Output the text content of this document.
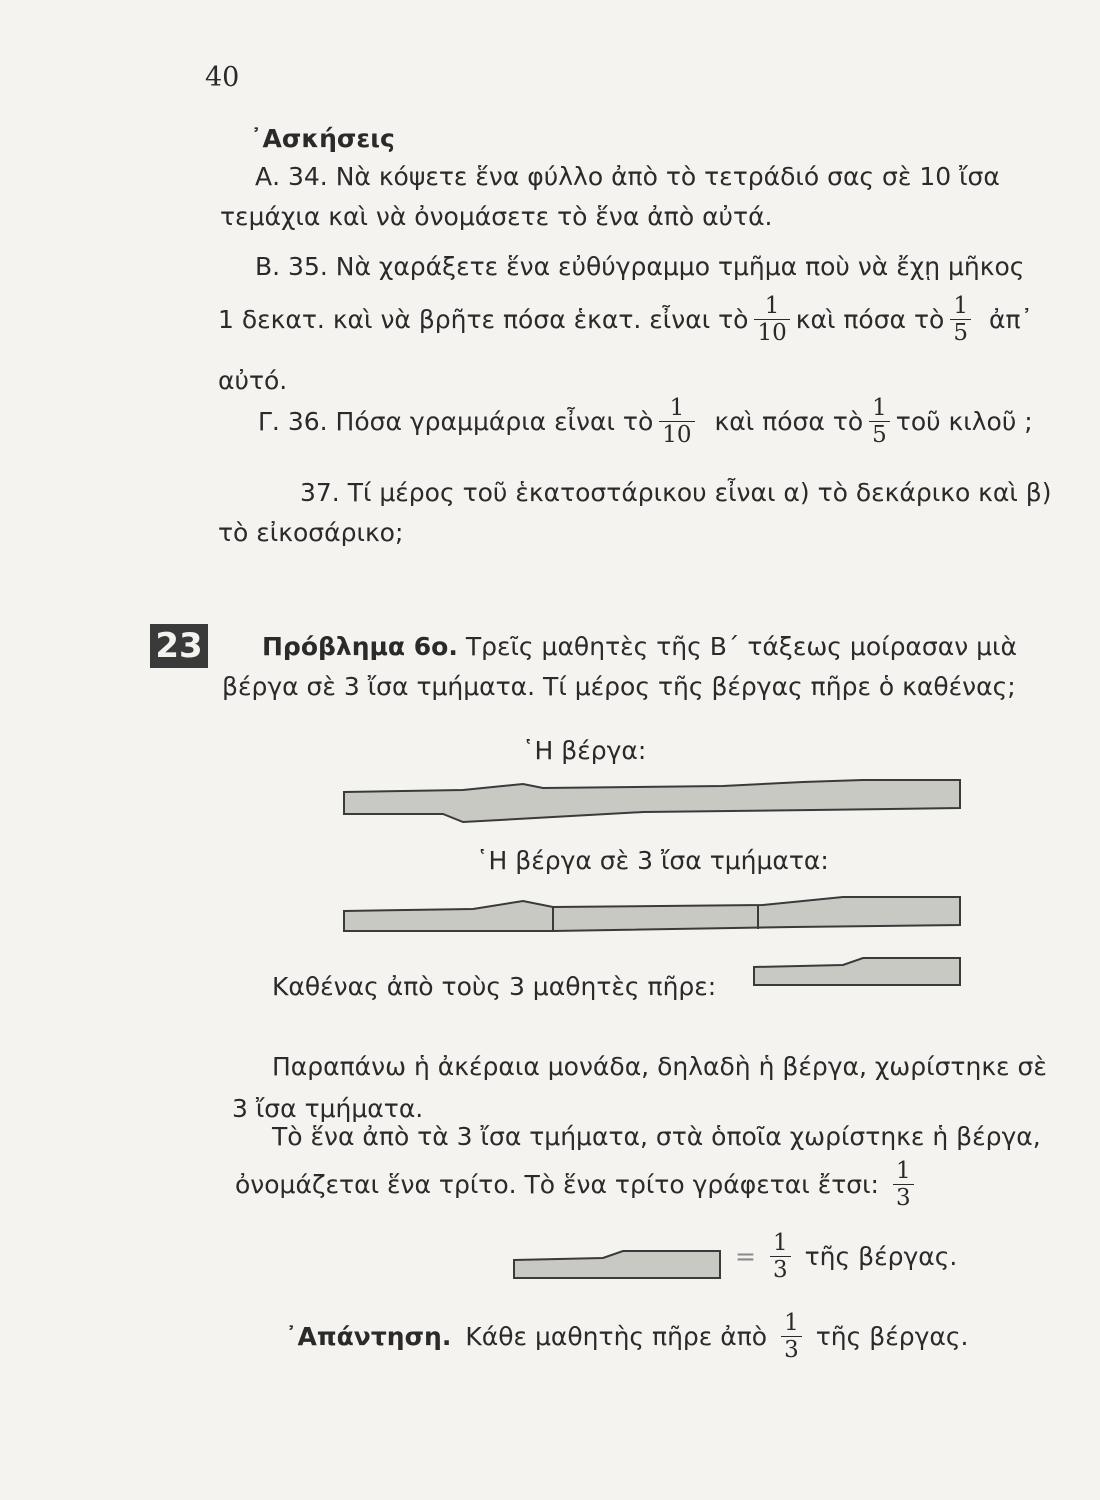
40
᾿Ασκήσεις
Α. 34. Νὰ κόψετε ἕνα φύλλο ἀπὸ τὸ τετράδιό σας σὲ 10 ἴσα
τεμάχια καὶ νὰ ὀνομάσετε τὸ ἕνα ἀπὸ αὐτά.
Β. 35. Νὰ χαράξετε ἕνα εὐθύγραμμο τμῆμα ποὺ νὰ ἔχῃ μῆκος
1 δεκατ. καὶ νὰ βρῆτε πόσα ἑκατ. εἶναι τὸ $\frac{1}{10}$ καὶ πόσα τὸ $\frac{1}{5}$ ἀπ᾿
αὐτό.
Γ. 36. Πόσα γραμμάρια εἶναι τὸ $\frac{1}{10}$ καὶ πόσα τὸ $\frac{1}{5}$ τοῦ κιλοῦ ;
37. Τί μέρος τοῦ ἑκατοστάρικου εἶναι α) τὸ δεκάρικο καὶ β)
τὸ εἰκοσάρικο;
23 Πρόβλημα 6ο. Τρεῖς μαθητὲς τῆς Β΄ τάξεως μοίρασαν μιὰ
βέργα σὲ 3 ἴσα τμήματα. Τί μέρος τῆς βέργας πῆρε ὁ καθένας;
῾Η βέργα:
῾Η βέργα σὲ 3 ἴσα τμήματα:
Καθένας ἀπὸ τοὺς 3 μαθητὲς πῆρε:
Παραπάνω ἡ ἀκέραια μονάδα, δηλαδὴ ἡ βέργα, χωρίστηκε σὲ
3 ἴσα τμήματα.
Τὸ ἕνα ἀπὸ τὰ 3 ἴσα τμήματα, στὰ ὁποῖα χωρίστηκε ἡ βέργα,
ὀνομάζεται ἕνα τρίτο. Τὸ ἕνα τρίτο γράφεται ἔτσι: $\frac{1}{3}$
= $\frac{1}{3}$ τῆς βέργας.
᾿Απάντηση. Κάθε μαθητὴς πῆρε ἀπὸ $\frac{1}{3}$ τῆς βέργας.
